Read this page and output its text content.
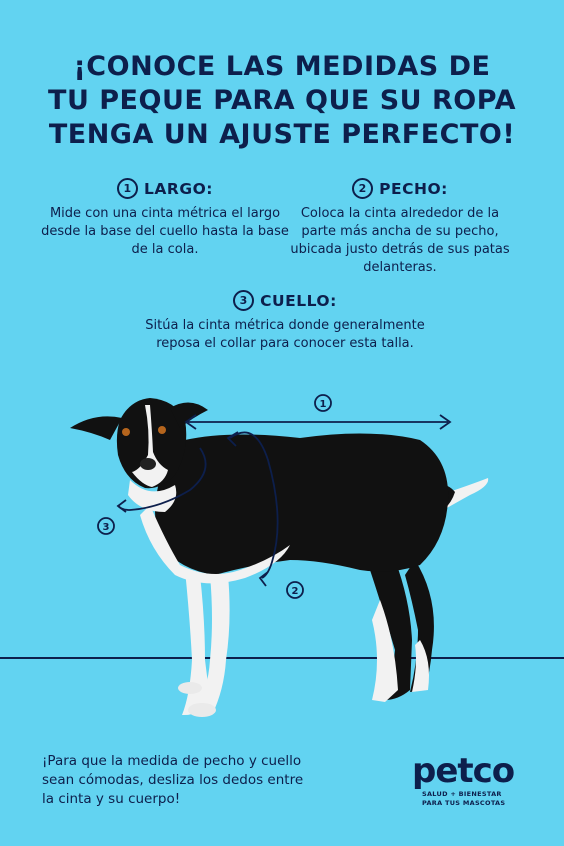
¡CONOCE LAS MEDIDAS DE
TU PEQUE PARA QUE SU ROPA
TENGA UN AJUSTE PERFECTO!
1 LARGO:
Mide con una cinta métrica el largo desde la base del cuello hasta la base de la cola.
2 PECHO:
Coloca la cinta alrededor de la parte más ancha de su pecho, ubicada justo detrás de sus patas delanteras.
3 CUELLO:
Sitúa la cinta métrica donde generalmente reposa el collar para conocer esta talla.
1
2
3
¡Para que la medida de pecho y cuello sean cómodas, desliza los dedos entre la cinta y su cuerpo!
petco
SALUD + BIENESTAR
PARA TUS MASCOTAS
